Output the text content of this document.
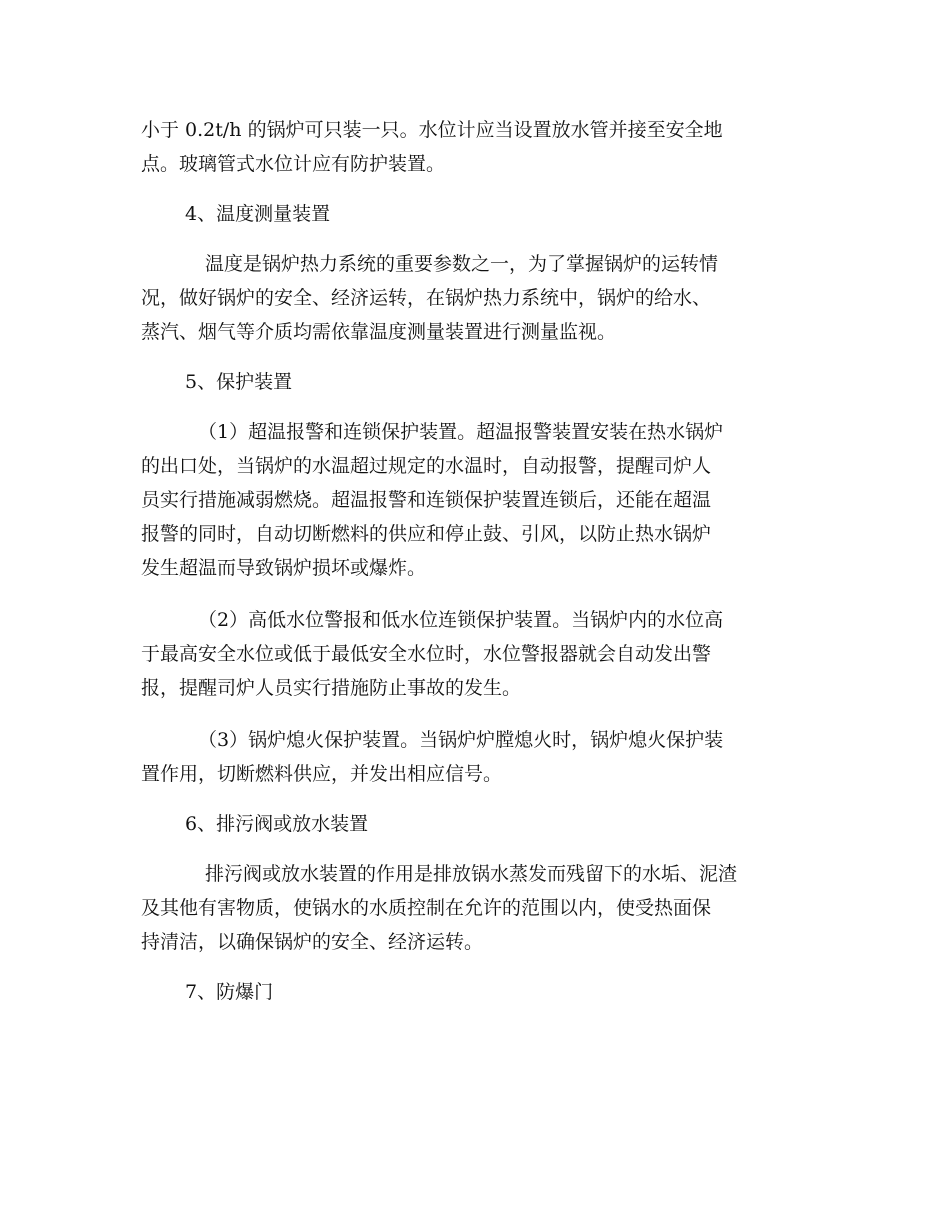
小于 0.2t/h 的锅炉可只装一只。水位计应当设置放水管并接至安全地

点。玻璃管式水位计应有防护装置。

4、温度测量装置

温度是锅炉热力系统的重要参数之一，为了掌握锅炉的运转情

况，做好锅炉的安全、经济运转，在锅炉热力系统中，锅炉的给水、

蒸汽、烟气等介质均需依靠温度测量装置进行测量监视。

5、保护装置

（1）超温报警和连锁保护装置。超温报警装置安装在热水锅炉

的出口处，当锅炉的水温超过规定的水温时，自动报警，提醒司炉人

员实行措施减弱燃烧。超温报警和连锁保护装置连锁后，还能在超温

报警的同时，自动切断燃料的供应和停止鼓、引风，以防止热水锅炉

发生超温而导致锅炉损坏或爆炸。

（2）高低水位警报和低水位连锁保护装置。当锅炉内的水位高

于最高安全水位或低于最低安全水位时，水位警报器就会自动发出警

报，提醒司炉人员实行措施防止事故的发生。

（3）锅炉熄火保护装置。当锅炉炉膛熄火时，锅炉熄火保护装

置作用，切断燃料供应，并发出相应信号。

6、排污阀或放水装置

排污阀或放水装置的作用是排放锅水蒸发而残留下的水垢、泥渣

及其他有害物质，使锅水的水质控制在允许的范围以内，使受热面保

持清洁，以确保锅炉的安全、经济运转。

7、防爆门
